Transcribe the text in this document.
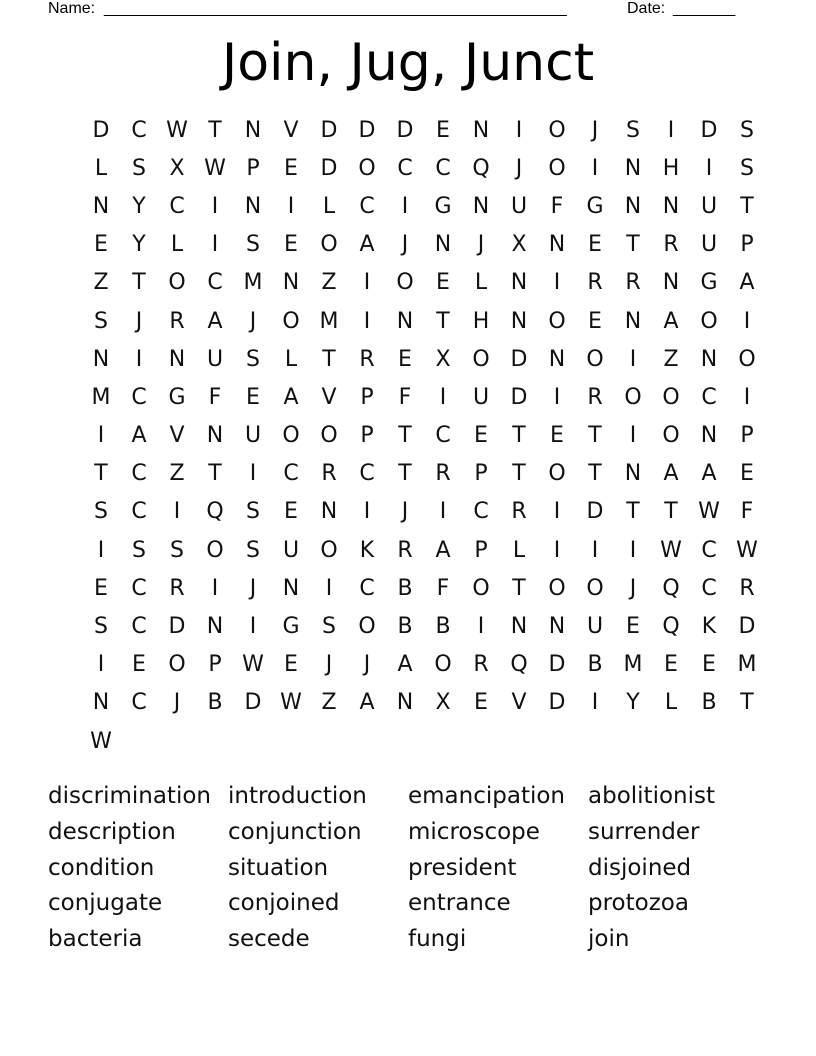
Name: ____________________________________________________	Date: _______
Join, Jug, Junct
D C W T	N	V D D D	E	N	I	O	J	S	I	D	S
L	S	X W P	E	D O C	C Q	J	O	I	N H	I	S
N	Y	C	I	N	I	L	C	I	G N U	F	G N N U	T
E	Y	L	I	S	E	O A	J	N	J	X	N	E	T	R	U	P
Z	T	O C M N	Z	I	O	E	L	N	I	R	R	N G A
S	J	R	A	J	O M	I	N	T	H N O	E	N	A O	I
N	I	N U	S	L	T	R	E	X O D N O	I	Z	N O
M C G	F	E	A	V	P	F	I	U D	I	R O O C	I
I	A	V	N U O O	P	T	C	E	T	E	T	I	O N	P
T	C	Z	T	I	C	R	C	T	R	P	T	O	T	N	A	A	E
S	C	I	Q	S	E	N	I	J	I	C	R	I	D	T	T W F
I	S	S	O	S	U O	K	R	A	P	L	I	I	I	W C W
E	C	R	I	J	N	I	C	B	F	O	T	O O	J	Q C	R
S	C D N	I	G	S	O B	B	I	N N U	E	Q	K	D
I	E	O	P W E	J	J	A O R Q D B M E	E M
N	C	J	B D W Z	A	N	X	E	V D	I	Y	L	B	T
W
discrimination introduction	emancipation abolitionist
description	conjunction	microscope	surrender
condition	situation	president	disjoined
conjugate	conjoined	entrance	protozoa
bacteria	secede	fungi	join
